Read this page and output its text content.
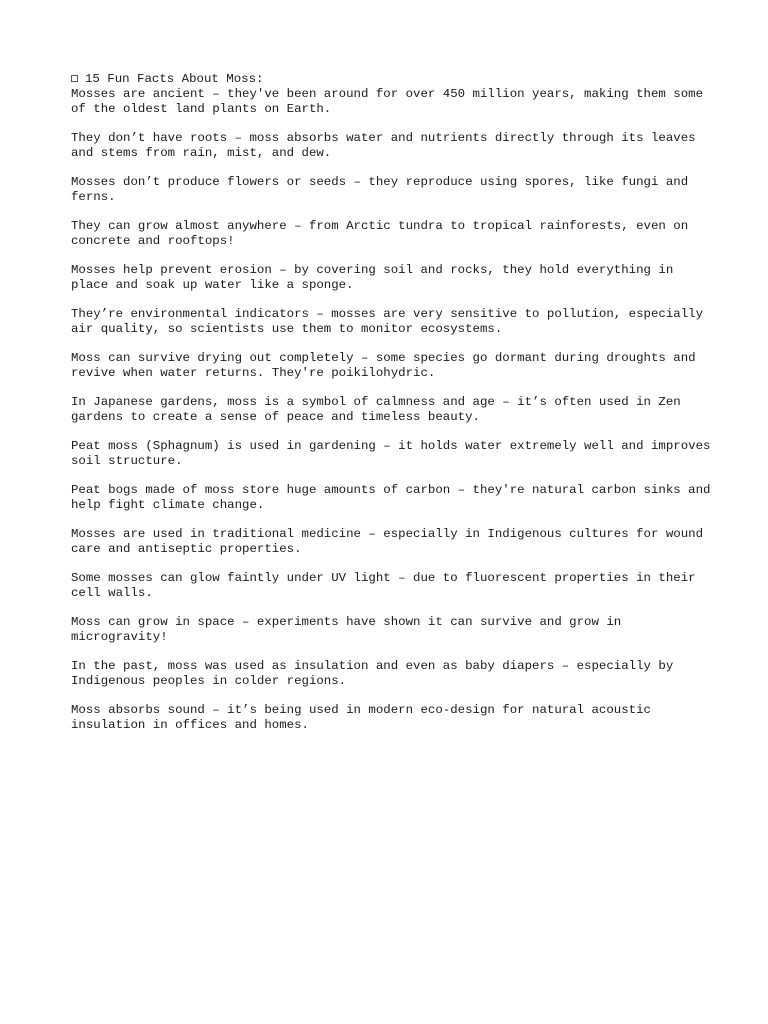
15 Fun Facts About Moss:

Mosses are ancient – they've been around for over 450 million years, making them some of the oldest land plants on Earth.

They don’t have roots – moss absorbs water and nutrients directly through its leaves and stems from rain, mist, and dew.

Mosses don’t produce flowers or seeds – they reproduce using spores, like fungi and ferns.

They can grow almost anywhere – from Arctic tundra to tropical rainforests, even on concrete and rooftops!

Mosses help prevent erosion – by covering soil and rocks, they hold everything in place and soak up water like a sponge.

They’re environmental indicators – mosses are very sensitive to pollution, especially air quality, so scientists use them to monitor ecosystems.

Moss can survive drying out completely – some species go dormant during droughts and revive when water returns. They're poikilohydric.

In Japanese gardens, moss is a symbol of calmness and age – it’s often used in Zen gardens to create a sense of peace and timeless beauty.

Peat moss (Sphagnum) is used in gardening – it holds water extremely well and improves soil structure.

Peat bogs made of moss store huge amounts of carbon – they're natural carbon sinks and help fight climate change.

Mosses are used in traditional medicine – especially in Indigenous cultures for wound care and antiseptic properties.

Some mosses can glow faintly under UV light – due to fluorescent properties in their cell walls.

Moss can grow in space – experiments have shown it can survive and grow in microgravity!

In the past, moss was used as insulation and even as baby diapers – especially by Indigenous peoples in colder regions.

Moss absorbs sound – it’s being used in modern eco-design for natural acoustic insulation in offices and homes.
